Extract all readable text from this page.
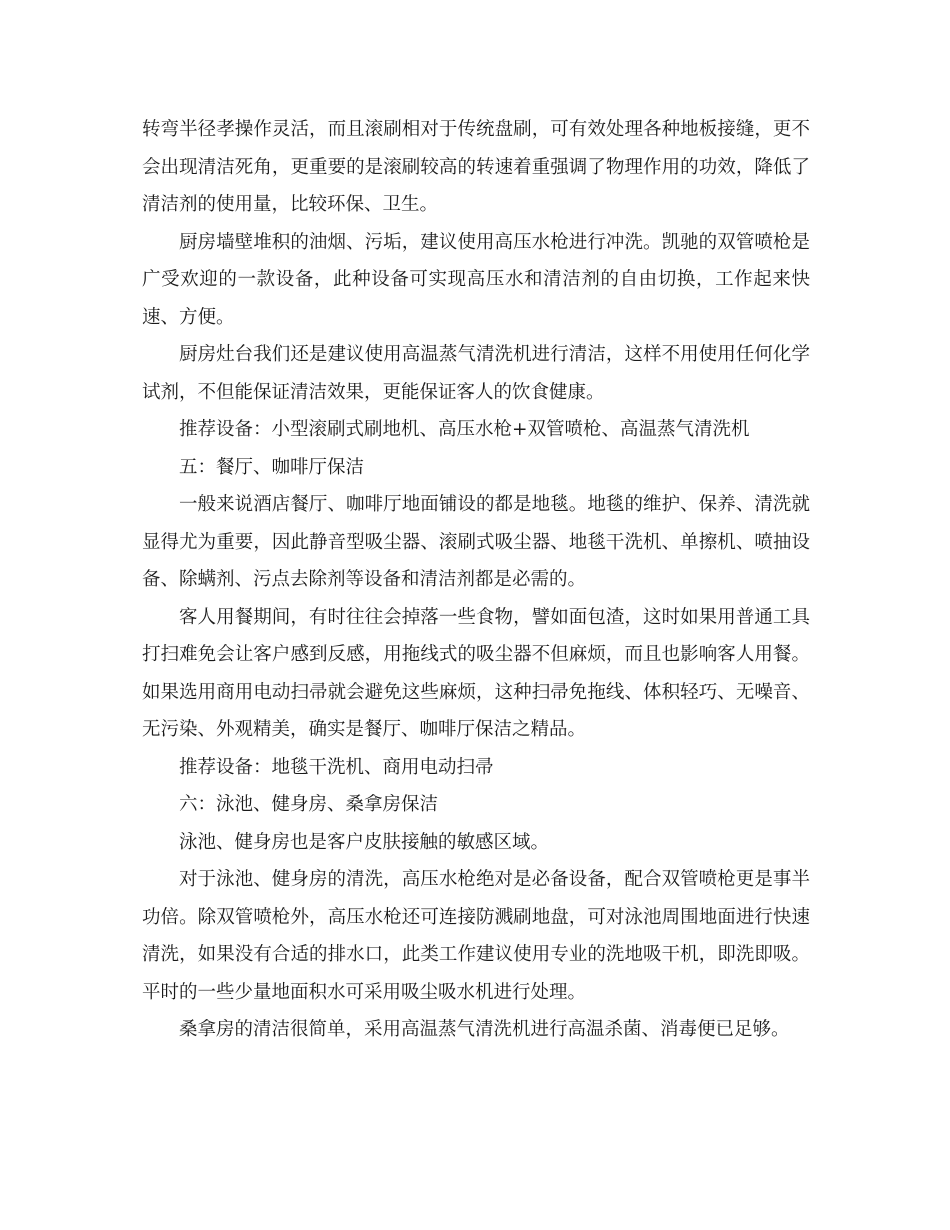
转弯半径孝操作灵活，而且滚刷相对于传统盘刷，可有效处理各种地板接缝，更不会出现清洁死角，更重要的是滚刷较高的转速着重强调了物理作用的功效，降低了清洁剂的使用量，比较环保、卫生。

厨房墙壁堆积的油烟、污垢，建议使用高压水枪进行冲洗。凯驰的双管喷枪是广受欢迎的一款设备，此种设备可实现高压水和清洁剂的自由切换，工作起来快速、方便。

厨房灶台我们还是建议使用高温蒸气清洗机进行清洁，这样不用使用任何化学试剂，不但能保证清洁效果，更能保证客人的饮食健康。

推荐设备：小型滚刷式刷地机、高压水枪+双管喷枪、高温蒸气清洗机

五：餐厅、咖啡厅保洁

一般来说酒店餐厅、咖啡厅地面铺设的都是地毯。地毯的维护、保养、清洗就显得尤为重要，因此静音型吸尘器、滚刷式吸尘器、地毯干洗机、单擦机、喷抽设备、除螨剂、污点去除剂等设备和清洁剂都是必需的。

客人用餐期间，有时往往会掉落一些食物，譬如面包渣，这时如果用普通工具打扫难免会让客户感到反感，用拖线式的吸尘器不但麻烦，而且也影响客人用餐。如果选用商用电动扫帚就会避免这些麻烦，这种扫帚免拖线、体积轻巧、无噪音、无污染、外观精美，确实是餐厅、咖啡厅保洁之精品。

推荐设备：地毯干洗机、商用电动扫帚

六：泳池、健身房、桑拿房保洁

泳池、健身房也是客户皮肤接触的敏感区域。

对于泳池、健身房的清洗，高压水枪绝对是必备设备，配合双管喷枪更是事半功倍。除双管喷枪外，高压水枪还可连接防溅刷地盘，可对泳池周围地面进行快速清洗，如果没有合适的排水口，此类工作建议使用专业的洗地吸干机，即洗即吸。平时的一些少量地面积水可采用吸尘吸水机进行处理。

桑拿房的清洁很简单，采用高温蒸气清洗机进行高温杀菌、消毒便已足够。
